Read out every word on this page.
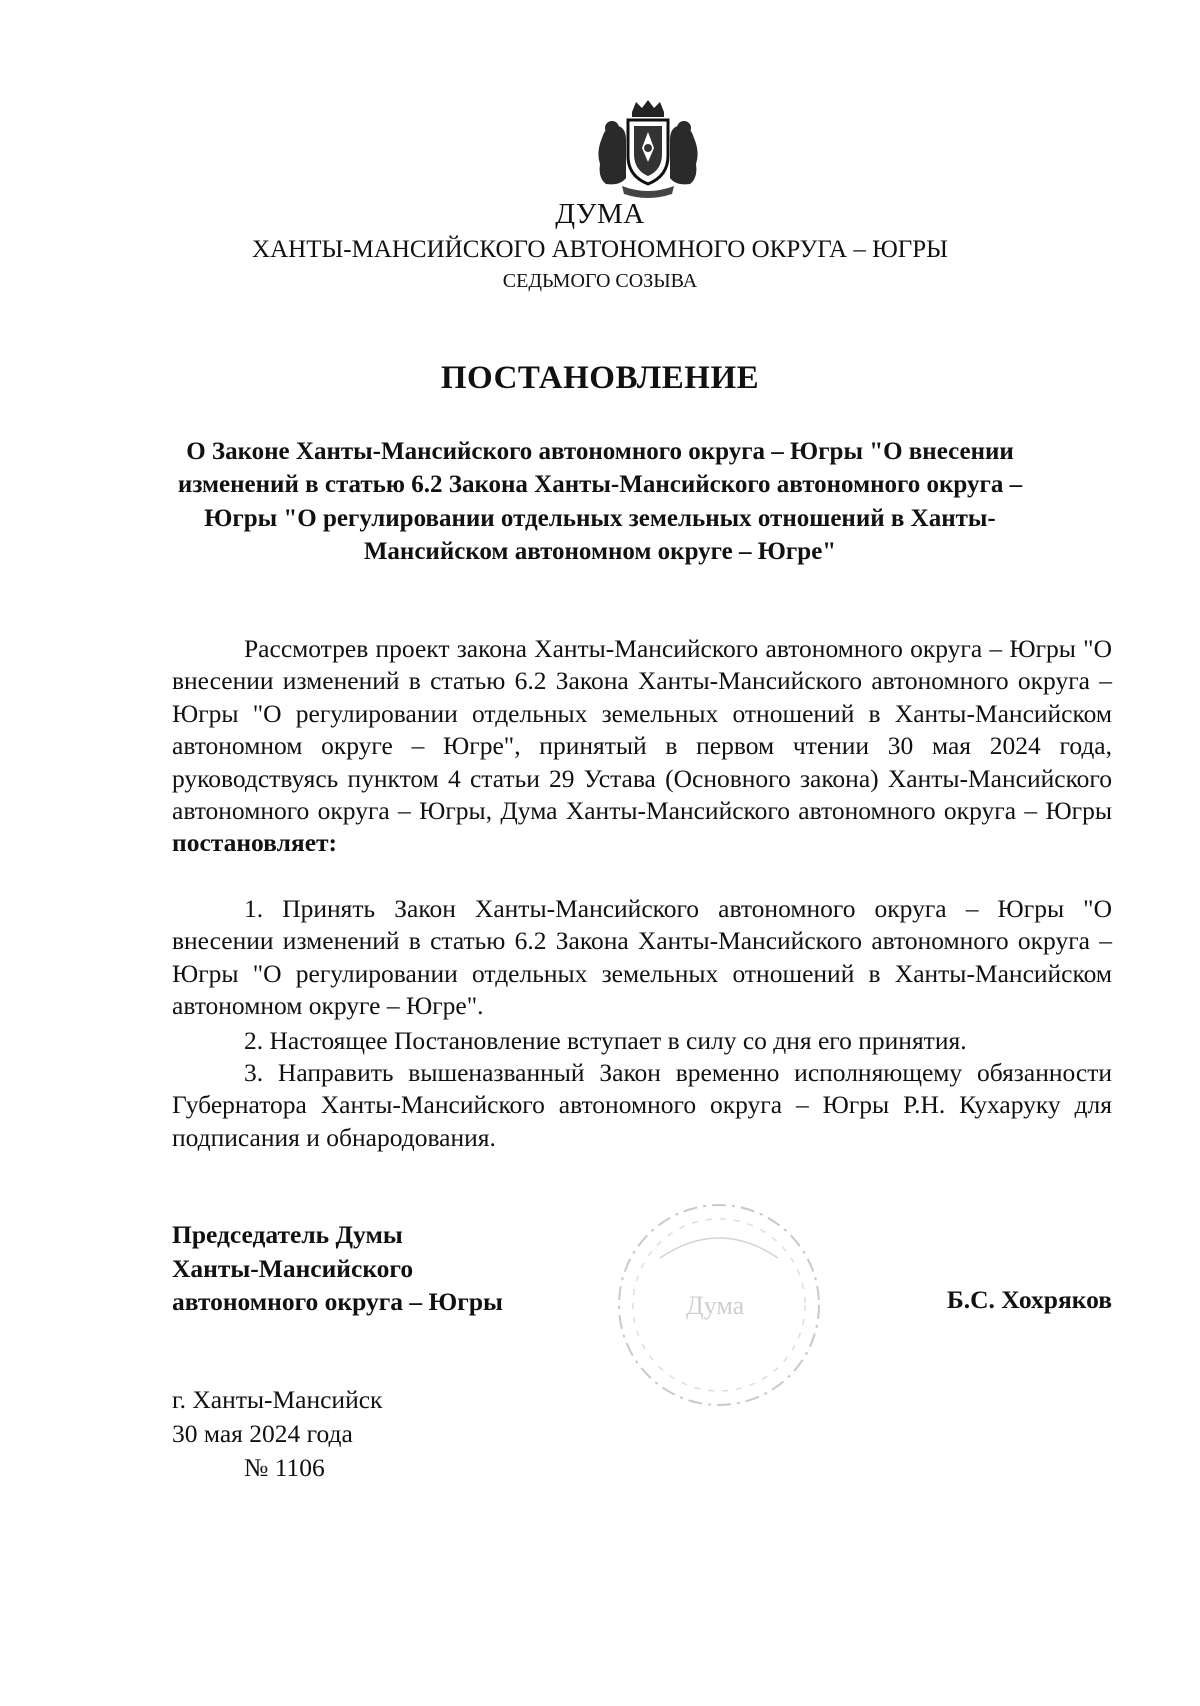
ДУМА
ХАНТЫ-МАНСИЙСКОГО АВТОНОМНОГО ОКРУГА – ЮГРЫ
СЕДЬМОГО СОЗЫВА
ПОСТАНОВЛЕНИЕ
О Законе Ханты-Мансийского автономного округа – Югры "О внесении изменений в статью 6.2 Закона Ханты-Мансийского автономного округа – Югры "О регулировании отдельных земельных отношений в Ханты-Мансийском автономном округе – Югре"

Рассмотрев проект закона Ханты-Мансийского автономного округа – Югры "О внесении изменений в статью 6.2 Закона Ханты-Мансийского автономного округа – Югры "О регулировании отдельных земельных отношений в Ханты-Мансийском автономном округе – Югре", принятый в первом чтении 30 мая 2024 года, руководствуясь пунктом 4 статьи 29 Устава (Основного закона) Ханты-Мансийского автономного округа – Югры, Дума Ханты-Мансийского автономного округа – Югры постановляет:

1. Принять Закон Ханты-Мансийского автономного округа – Югры "О внесении изменений в статью 6.2 Закона Ханты-Мансийского автономного округа – Югры "О регулировании отдельных земельных отношений в Ханты-Мансийском автономном округе – Югре".

2. Настоящее Постановление вступает в силу со дня его принятия.

3. Направить вышеназванный Закон временно исполняющему обязанности Губернатора Ханты-Мансийского автономного округа – Югры Р.Н. Кухаруку для подписания и обнародования.

Председатель Думы
Ханты-Мансийского
автономного округа – Югры	Дума	Б.С. Хохряков
г. Ханты-Мансийск
30 мая 2024 года
№ 1106
